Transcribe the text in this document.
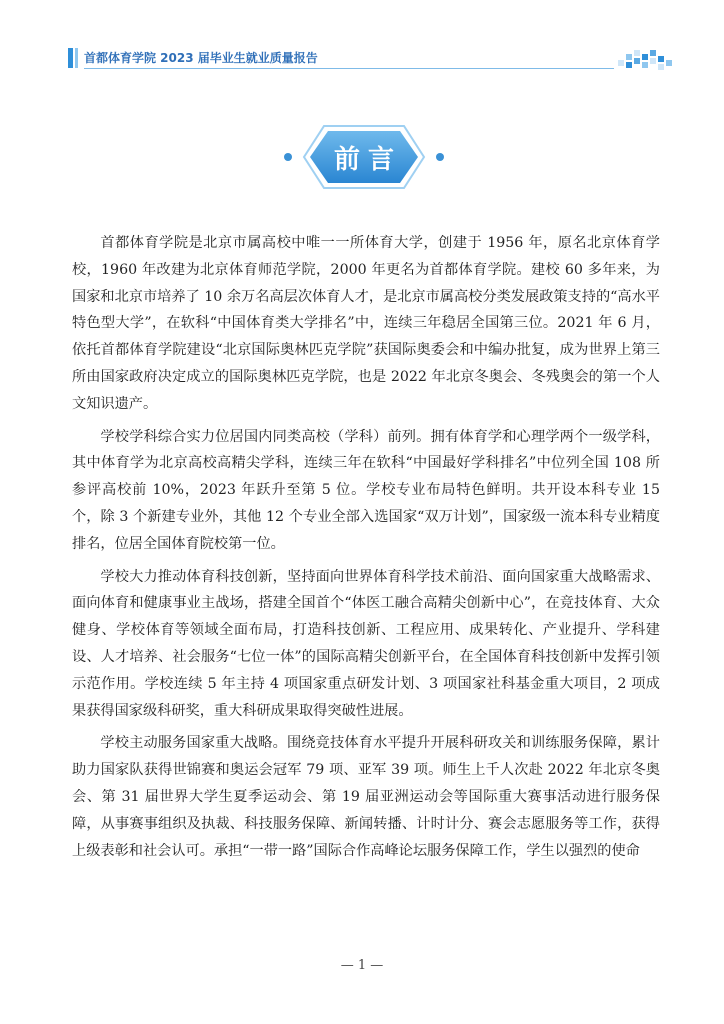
首都体育学院 2023 届毕业生就业质量报告
前言

首都体育学院是北京市属高校中唯一一所体育大学，创建于 1956 年，原名北京体育学校，1960 年改建为北京体育师范学院，2000 年更名为首都体育学院。建校 60 多年来，为国家和北京市培养了 10 余万名高层次体育人才，是北京市属高校分类发展政策支持的“高水平特色型大学”，在软科“中国体育类大学排名”中，连续三年稳居全国第三位。2021 年 6 月，依托首都体育学院建设“北京国际奥林匹克学院”获国际奥委会和中编办批复，成为世界上第三所由国家政府决定成立的国际奥林匹克学院，也是 2022 年北京冬奥会、冬残奥会的第一个人文知识遗产。

学校学科综合实力位居国内同类高校（学科）前列。拥有体育学和心理学两个一级学科，其中体育学为北京高校高精尖学科，连续三年在软科“中国最好学科排名”中位列全国 108 所参评高校前 10%，2023 年跃升至第 5 位。学校专业布局特色鲜明。共开设本科专业 15 个，除 3 个新建专业外，其他 12 个专业全部入选国家“双万计划”，国家级一流本科专业精度排名，位居全国体育院校第一位。

学校大力推动体育科技创新，坚持面向世界体育科学技术前沿、面向国家重大战略需求、面向体育和健康事业主战场，搭建全国首个“体医工融合高精尖创新中心”，在竞技体育、大众健身、学校体育等领域全面布局，打造科技创新、工程应用、成果转化、产业提升、学科建设、人才培养、社会服务“七位一体”的国际高精尖创新平台，在全国体育科技创新中发挥引领示范作用。学校连续 5 年主持 4 项国家重点研发计划、3 项国家社科基金重大项目，2 项成果获得国家级科研奖，重大科研成果取得突破性进展。

学校主动服务国家重大战略。围绕竞技体育水平提升开展科研攻关和训练服务保障，累计助力国家队获得世锦赛和奥运会冠军 79 项、亚军 39 项。师生上千人次赴 2022 年北京冬奥会、第 31 届世界大学生夏季运动会、第 19 届亚洲运动会等国际重大赛事活动进行服务保障，从事赛事组织及执裁、科技服务保障、新闻转播、计时计分、赛会志愿服务等工作，获得上级表彰和社会认可。承担“一带一路”国际合作高峰论坛服务保障工作，学生以强烈的使命

— 1 —
